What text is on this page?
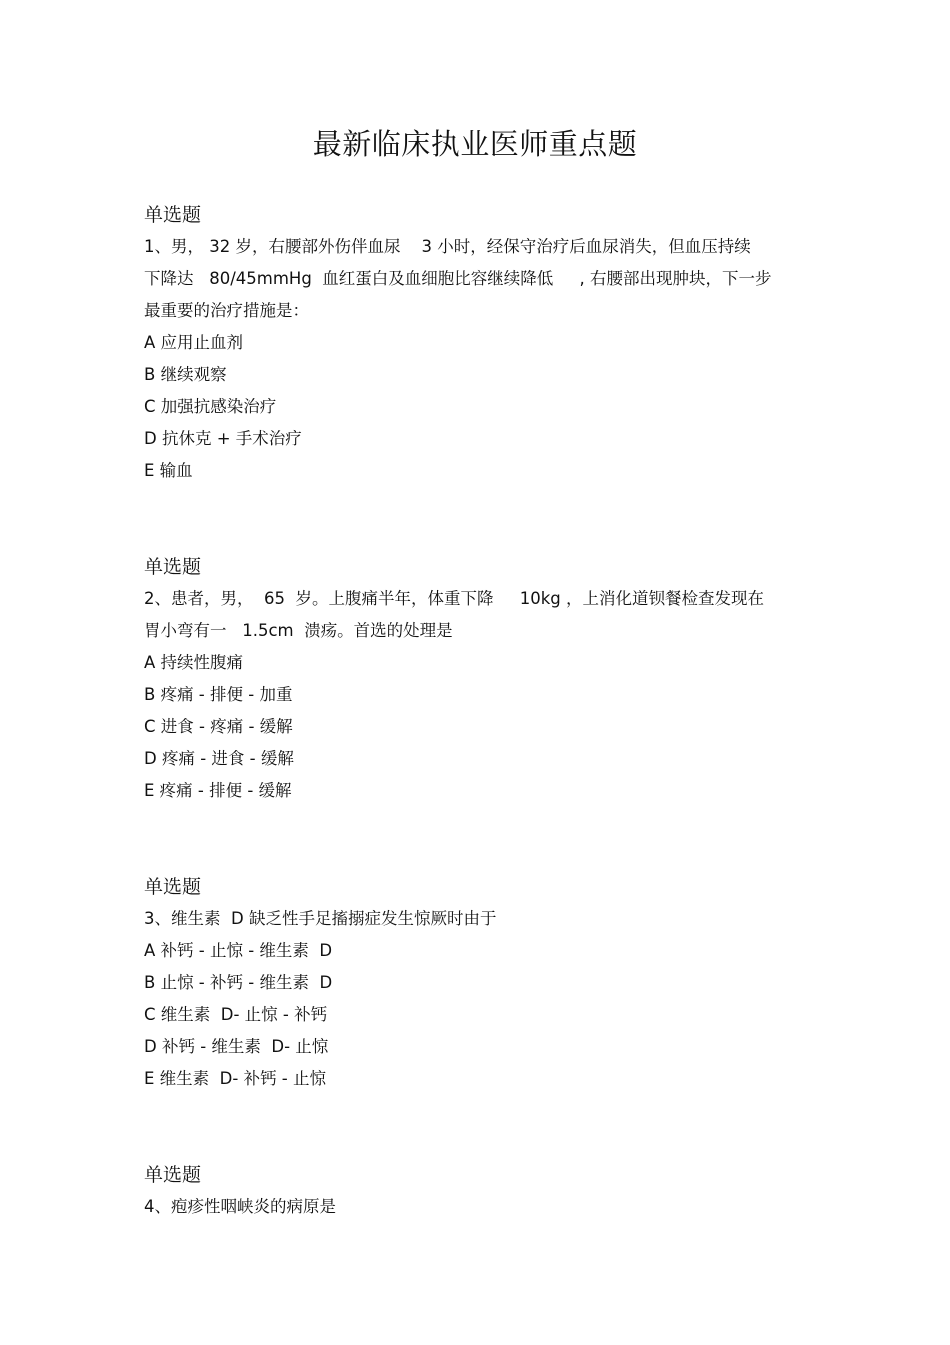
最新临床执业医师重点题
单选题
1、男， 32 岁，右腰部外伤伴血尿    3 小时，经保守治疗后血尿消失，但血压持续
下降达   80/45mmHg  血红蛋白及血细胞比容继续降低     , 右腰部出现肿块，下一步
最重要的治疗措施是：
A 应用止血剂
B 继续观察
C 加强抗感染治疗
D 抗休克 + 手术治疗
E 输血
单选题
2、患者，男，  65  岁。上腹痛半年，体重下降     10kg ，上消化道钡餐检查发现在
胃小弯有一   1.5cm  溃疡。首选的处理是
A 持续性腹痛
B 疼痛 - 排便 - 加重
C 进食 - 疼痛 - 缓解
D 疼痛 - 进食 - 缓解
E 疼痛 - 排便 - 缓解
单选题
3、维生素  D 缺乏性手足搐搦症发生惊厥时由于
A 补钙 - 止惊 - 维生素  D
B 止惊 - 补钙 - 维生素  D
C 维生素  D- 止惊 - 补钙
D 补钙 - 维生素  D- 止惊
E 维生素  D- 补钙 - 止惊
单选题
4、疱疹性咽峡炎的病原是
